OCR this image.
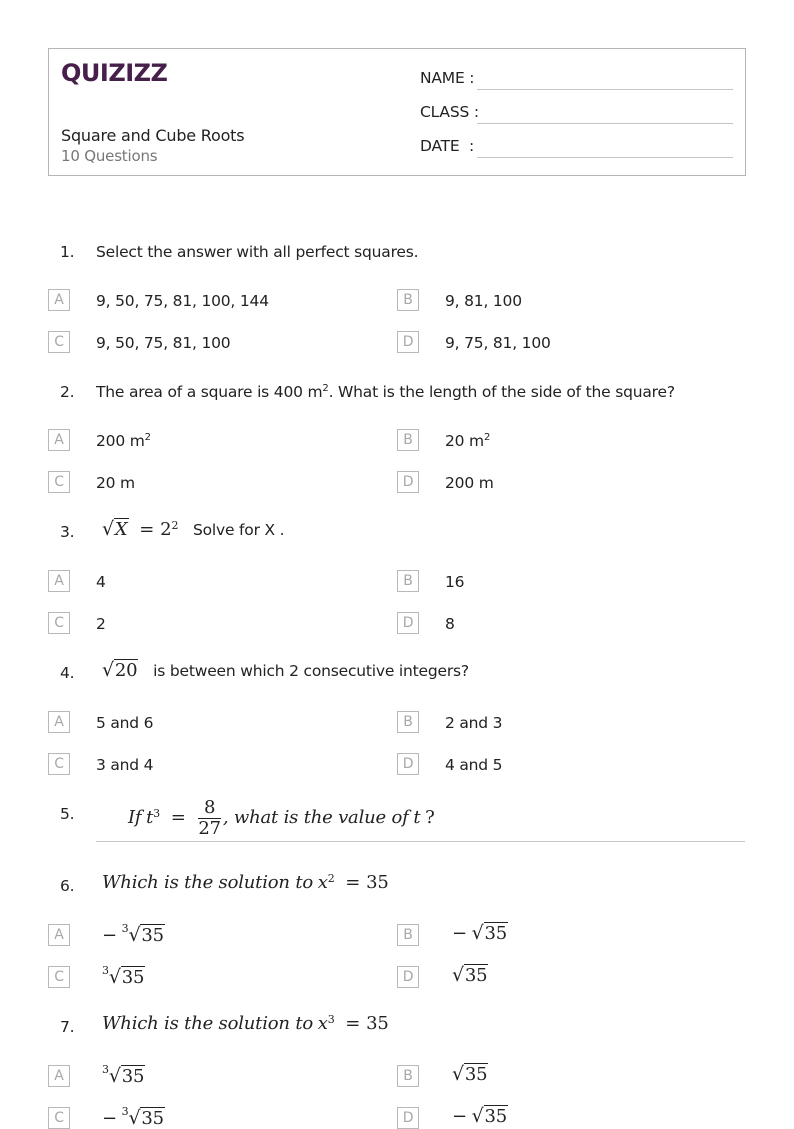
QUIZIZZ
Square and Cube Roots
10 Questions
NAME :
CLASS :
DATE  :
1. Select the answer with all perfect squares.
A	9, 50, 75, 81, 100, 144	B	9, 81, 100
C	9, 50, 75, 81, 100	D	9, 75, 81, 100
2. The area of a square is 400 $m^2$. What is the length of the side of the square?
A	200 $m^2$	B	20 $m^2$
C	20 m	D	200 m
3. $√X = 2^2$ Solve for X .
A	4	B	16
C	2	D	8
4. √20 is between which 2 consecutive integers?
A	5 and 6	B	2 and 3
C	3 and 4	D	4 and 5
5.	If $t^3 = \frac{8}{27}$ , what is the value of t ?
6. Which is the solution to $x^2 = 35$
A	− $^3$√35	B	− √35
C	$^3$√35	D	√35
7. Which is the solution to $x^3 = 35$
A	$^3$√35	B	√35
C	− $^3$√35	D	− √35
